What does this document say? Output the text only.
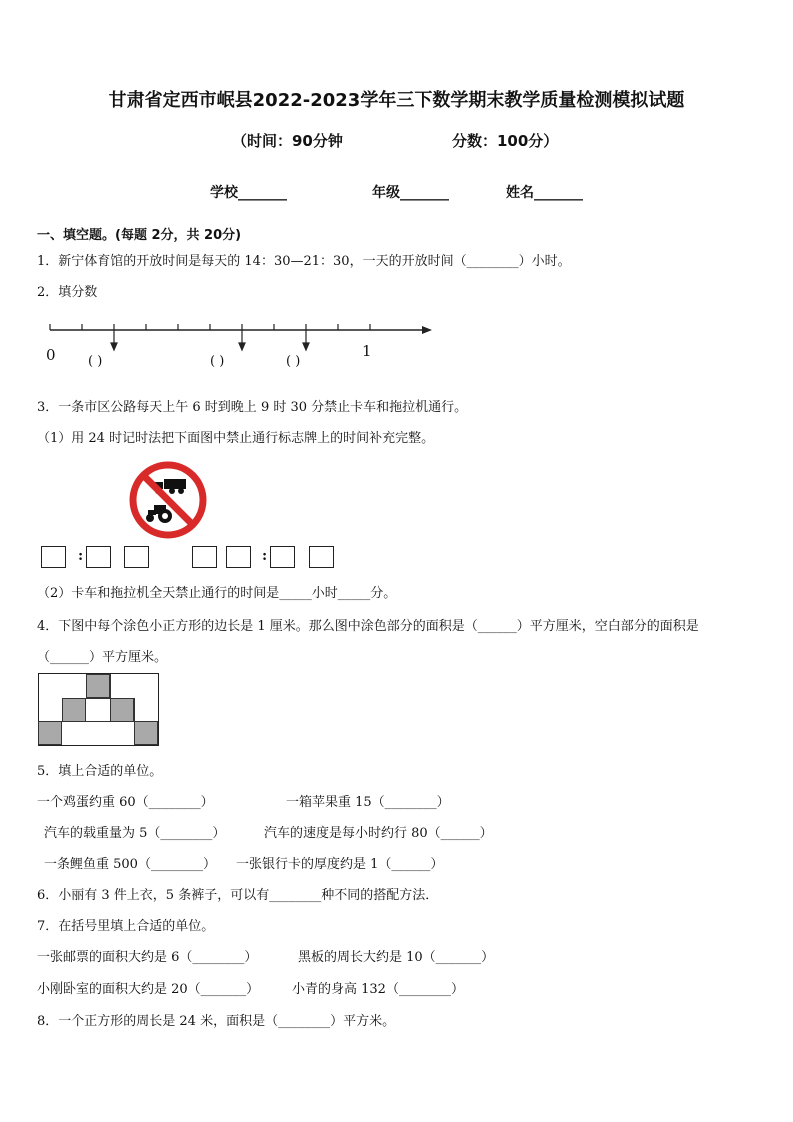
甘肃省定西市岷县2022-2023学年三下数学期末教学质量检测模拟试题
（时间：90分钟	分数：100分）
学校_______	年级_______	姓名_______
一、填空题。(每题 2分，共 20分)
1．新宁体育馆的开放时间是每天的 14：30—21：30，一天的开放时间（________）小时。
2．填分数
0	1
( )	( )	( )
3．一条市区公路每天上午 6 时到晚上 9 时 30 分禁止卡车和拖拉机通行。
（1）用 24 时记时法把下面图中禁止通行标志牌上的时间补充完整。
:	:
（2）卡车和拖拉机全天禁止通行的时间是_____小时_____分。
4．下图中每个涂色小正方形的边长是 1 厘米。那么图中涂色部分的面积是（______）平方厘米，空白部分的面积是
（______）平方厘米。
5．填上合适的单位。
一个鸡蛋约重 60（________）	一箱苹果重 15（________）
汽车的载重量为 5（________）	汽车的速度是每小时约行 80（______）
一条鲤鱼重 500（________） 一张银行卡的厚度约是 1（______）
6．小丽有 3 件上衣，5 条裤子，可以有________种不同的搭配方法．
7．在括号里填上合适的单位。
一张邮票的面积大约是 6（________）	黑板的周长大约是 10（_______）
小刚卧室的面积大约是 20（_______）	小青的身高 132（________）
8．一个正方形的周长是 24 米，面积是（________）平方米。
